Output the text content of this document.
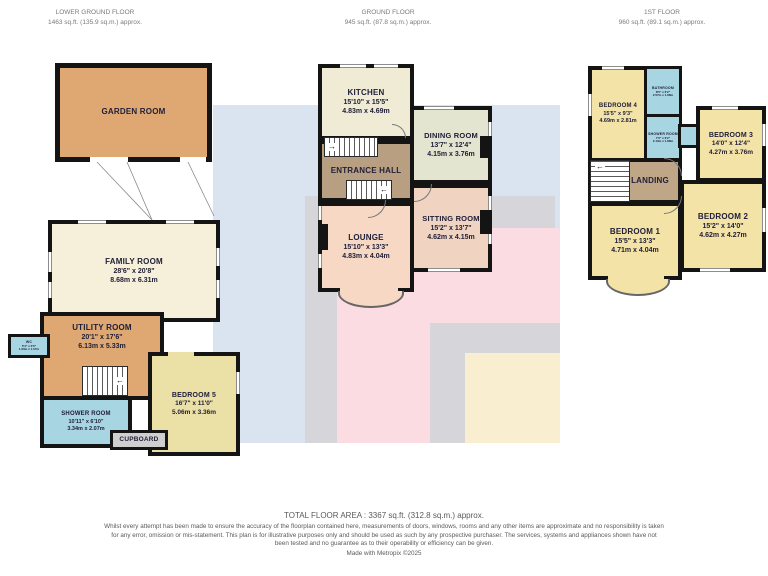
LOWER GROUND FLOOR
1463 sq.ft. (135.9 sq.m.) approx.
GROUND FLOOR
945 sq.ft. (87.8 sq.m.) approx.
1ST FLOOR
960 sq.ft. (89.1 sq.m.) approx.
GARDEN ROOM
FAMILY ROOM
28'6" x 20'8"
8.68m x 6.31m
UTILITY ROOM
20'1" x 17'6"
6.13m x 5.33m
WC
5'4" x 3'6"
1.63m x 1.07m
SHOWER ROOM
10'11" x 6'10"
3.34m x 2.07m
BEDROOM 5
16'7" x 11'0"
5.06m x 3.36m
CUPBOARD
←
KITCHEN
15'10" x 15'5"
4.83m x 4.69m
DINING ROOM
13'7" x 12'4"
4.15m x 3.76m
ENTRANCE HALL
LOUNGE
15'10" x 13'3"
4.83m x 4.04m
SITTING ROOM
15'2" x 13'7"
4.62m x 4.15m
→
←
BEDROOM 4
15'5" x 9'3"
4.69m x 2.81m
BATHROOM
8'5" x 6'2"
2.57m x 1.88m
SHOWER ROOM
7'0" x 6'2"
2.13m x 1.88m
BEDROOM 3
14'0" x 12'4"
4.27m x 3.76m
LANDING
BEDROOM 1
15'5" x 13'3"
4.71m x 4.04m
BEDROOM 2
15'2" x 14'0"
4.62m x 4.27m
←
TOTAL FLOOR AREA : 3367 sq.ft. (312.8 sq.m.) approx.
Whilst every attempt has been made to ensure the accuracy of the floorplan contained here, measurements of doors, windows, rooms and any other items are approximate and no responsibility is taken for any error, omission or mis-statement. This plan is for illustrative purposes only and should be used as such by any prospective purchaser. The services, systems and appliances shown have not been tested and no guarantee as to their operability or efficiency can be given.
Made with Metropix ©2025
